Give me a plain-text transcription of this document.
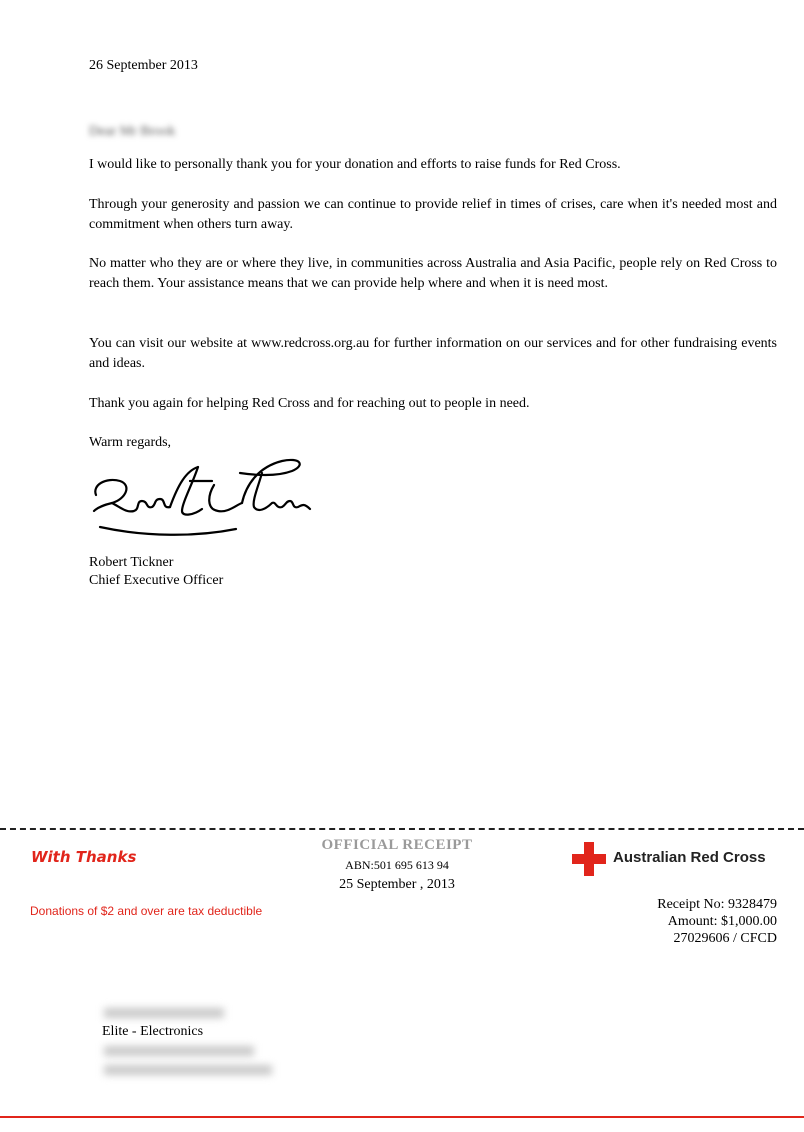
26 September 2013
Dear Mr Brook
I would like to personally thank you for your donation and efforts to raise funds for Red Cross.
Through your generosity and passion we can continue to provide relief in times of crises, care when it's needed most and commitment when others turn away.
No matter who they are or where they live, in communities across Australia and Asia Pacific, people rely on Red Cross to reach them. Your assistance means that we can provide help where and when it is need most.
You can visit our website at www.redcross.org.au for further information on our services and for other fundraising events and ideas.
Thank you again for helping Red Cross and for reaching out to people in need.
Warm regards,
Robert Tickner
Chief Executive Officer
With Thanks
Donations of $2 and over are tax deductible
OFFICIAL RECEIPT
ABN:501 695 613 94
25 September , 2013
Australian Red Cross
Receipt No: 9328479
Amount: $1,000.00
27029606 / CFCD
Elite - Electronics
